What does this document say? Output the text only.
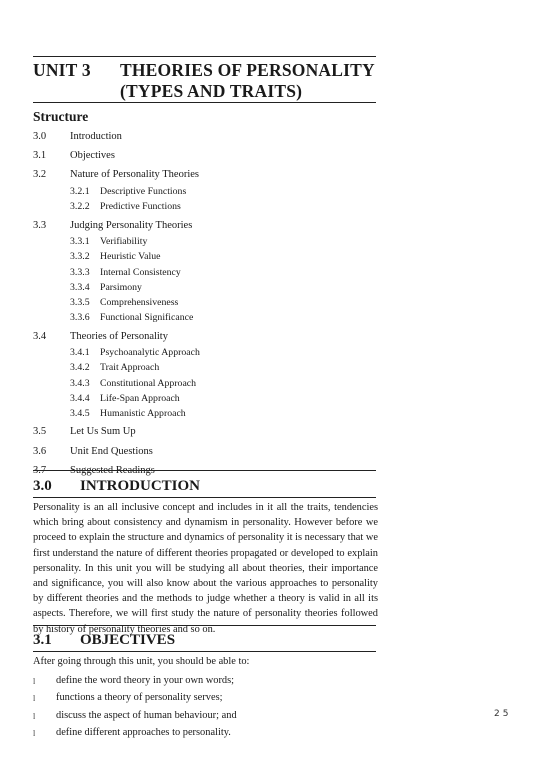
UNIT 3 THEORIES OF PERSONALITY
(TYPES AND TRAITS)
Structure
3.0 Introduction
3.1 Objectives
3.2 Nature of Personality Theories
3.2.1 Descriptive Functions
3.2.2 Predictive Functions
3.3 Judging Personality Theories
3.3.1 Verifiability
3.3.2 Heuristic Value
3.3.3 Internal Consistency
3.3.4 Parsimony
3.3.5 Comprehensiveness
3.3.6 Functional Significance
3.4 Theories of Personality
3.4.1 Psychoanalytic Approach
3.4.2 Trait Approach
3.4.3 Constitutional Approach
3.4.4 Life-Span Approach
3.4.5 Humanistic Approach
3.5 Let Us Sum Up
3.6 Unit End Questions
3.7 Suggested Readings
3.0 INTRODUCTION
Personality is an all inclusive concept and includes in it all the traits, tendencies which bring about consistency and dynamism in personality. However before we proceed to explain the structure and dynamics of personality it is necessary that we first understand the nature of different theories propagated or developed to explain personality. In this unit you will be studying all about theories, their importance and significance, you will also know about the various approaches to personality by different theories and the methods to judge whether a theory is valid in all its aspects. Therefore, we will first study the nature of personality theories followed by history of personality theories and so on.
3.1 OBJECTIVES
After going through this unit, you should be able to:
l define the word theory in your own words;
l functions a theory of personality serves;
l discuss the aspect of human behaviour; and
l define different approaches to personality.
25
